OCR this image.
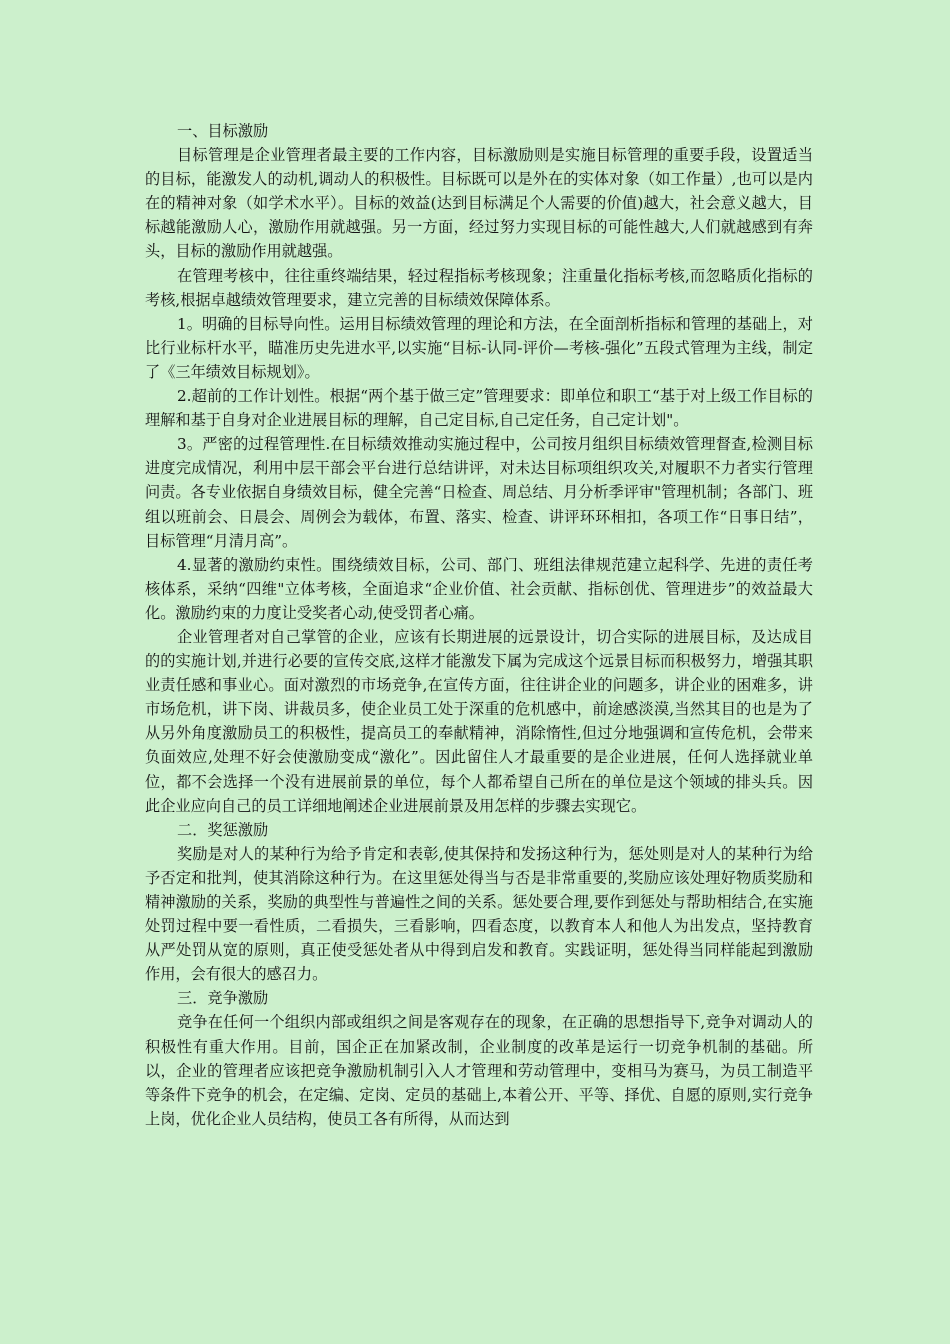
一、目标激励

目标管理是企业管理者最主要的工作内容，目标激励则是实施目标管理的重要手段，设置适当的目标，能激发人的动机,调动人的积极性。目标既可以是外在的实体对象（如工作量）,也可以是内在的精神对象（如学术水平）。目标的效益(达到目标满足个人需要的价值)越大，社会意义越大，目标越能激励人心，激励作用就越强。另一方面，经过努力实现目标的可能性越大,人们就越感到有奔头，目标的激励作用就越强。

在管理考核中，往往重终端结果，轻过程指标考核现象；注重量化指标考核,而忽略质化指标的考核,根据卓越绩效管理要求，建立完善的目标绩效保障体系。

1。明确的目标导向性。运用目标绩效管理的理论和方法，在全面剖析指标和管理的基础上，对比行业标杆水平，瞄准历史先进水平,以实施“目标-认同-评价—考核-强化”五段式管理为主线，制定了《三年绩效目标规划》。

2.超前的工作计划性。根据“两个基于做三定”管理要求：即单位和职工“基于对上级工作目标的理解和基于自身对企业进展目标的理解，自己定目标,自己定任务，自己定计划"。

3。严密的过程管理性.在目标绩效推动实施过程中，公司按月组织目标绩效管理督查,检测目标进度完成情况，利用中层干部会平台进行总结讲评，对未达目标项组织攻关,对履职不力者实行管理问责。各专业依据自身绩效目标，健全完善“日检查、周总结、月分析季评审"管理机制；各部门、班组以班前会、日晨会、周例会为载体，布置、落实、检查、讲评环环相扣，各项工作“日事日结”，目标管理“月清月高”。

4.显著的激励约束性。围绕绩效目标，公司、部门、班组法律规范建立起科学、先进的责任考核体系，采纳“四维"立体考核，全面追求“企业价值、社会贡献、指标创优、管理进步”的效益最大化。激励约束的力度让受奖者心动,使受罚者心痛。

企业管理者对自己掌管的企业，应该有长期进展的远景设计，切合实际的进展目标，及达成目的的实施计划,并进行必要的宣传交底,这样才能激发下属为完成这个远景目标而积极努力，增强其职业责任感和事业心。面对激烈的市场竞争,在宣传方面，往往讲企业的问题多，讲企业的困难多，讲市场危机，讲下岗、讲裁员多，使企业员工处于深重的危机感中，前途感淡漠,当然其目的也是为了从另外角度激励员工的积极性，提高员工的奉献精神，消除惰性,但过分地强调和宣传危机，会带来负面效应,处理不好会使激励变成“激化”。因此留住人才最重要的是企业进展，任何人选择就业单位，都不会选择一个没有进展前景的单位，每个人都希望自己所在的单位是这个领域的排头兵。因此企业应向自己的员工详细地阐述企业进展前景及用怎样的步骤去实现它。

二．奖惩激励

奖励是对人的某种行为给予肯定和表彰,使其保持和发扬这种行为，惩处则是对人的某种行为给予否定和批判，使其消除这种行为。在这里惩处得当与否是非常重要的,奖励应该处理好物质奖励和精神激励的关系，奖励的典型性与普遍性之间的关系。惩处要合理,要作到惩处与帮助相结合,在实施处罚过程中要一看性质，二看损失，三看影响，四看态度，以教育本人和他人为出发点，坚持教育从严处罚从宽的原则，真正使受惩处者从中得到启发和教育。实践证明，惩处得当同样能起到激励作用，会有很大的感召力。

三．竞争激励

竞争在任何一个组织内部或组织之间是客观存在的现象，在正确的思想指导下,竞争对调动人的积极性有重大作用。目前，国企正在加紧改制，企业制度的改革是运行一切竞争机制的基础。所以，企业的管理者应该把竞争激励机制引入人才管理和劳动管理中，变相马为赛马，为员工制造平等条件下竞争的机会，在定编、定岗、定员的基础上,本着公开、平等、择优、自愿的原则,实行竞争上岗，优化企业人员结构，使员工各有所得，从而达到
